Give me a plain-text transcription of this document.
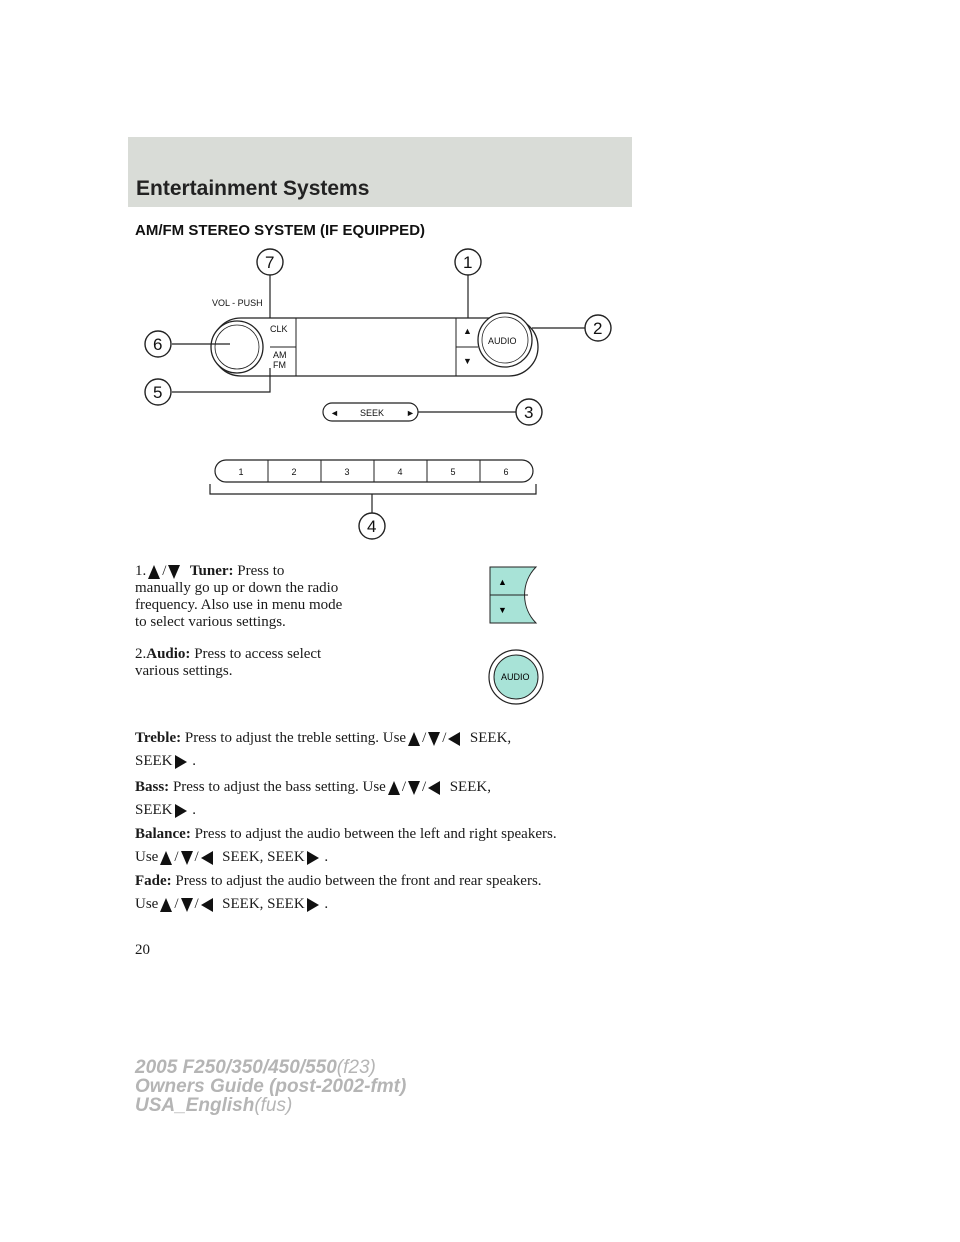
Entertainment Systems
AM/FM STEREO SYSTEM (IF EQUIPPED)
VOL - PUSH
CLK
AM
FM
AUDIO
▲
▼
◄ SEEK ►
1	2	3	4	5	6
1
2
3
4
5
6
7
1. / Tuner: Press to
manually go up or down the radio
frequency. Also use in menu mode
to select various settings.
▲
▼
2.Audio: Press to access select
various settings.	AUDIO
Treble: Press to adjust the treble setting. Use / / SEEK,

SEEK .
Bass: Press to adjust the bass setting. Use / / SEEK,

SEEK .
Balance: Press to adjust the audio between the left and right speakers.

Use / / SEEK, SEEK .
Fade: Press to adjust the audio between the front and rear speakers.

Use / / SEEK, SEEK .
20
2005 F250/350/450/550(f23)
Owners Guide (post-2002-fmt)
USA_English(fus)
